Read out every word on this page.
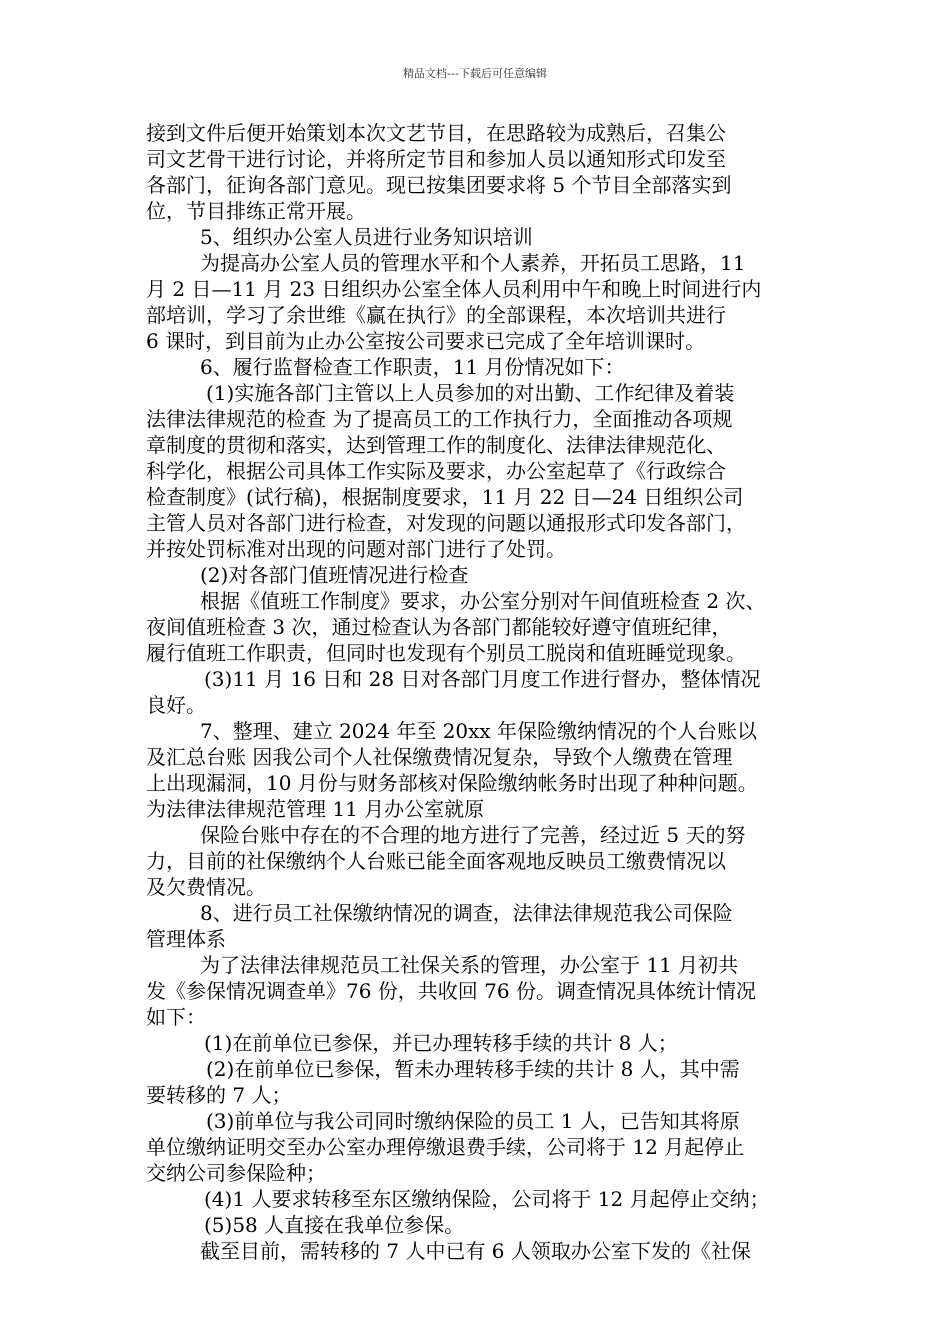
精品文档---下载后可任意编辑
接到文件后便开始策划本次文艺节目，在思路较为成熟后，召集公
司文艺骨干进行讨论，并将所定节目和参加人员以通知形式印发至
各部门，征询各部门意见。现已按集团要求将 5 个节目全部落实到
位，节目排练正常开展。
5、组织办公室人员进行业务知识培训
为提高办公室人员的管理水平和个人素养，开拓员工思路，11
月 2 日—11 月 23 日组织办公室全体人员利用中午和晚上时间进行内
部培训，学习了余世维《赢在执行》的全部课程，本次培训共进行
6 课时，到目前为止办公室按公司要求已完成了全年培训课时。
6、履行监督检查工作职责，11 月份情况如下：
(1)实施各部门主管以上人员参加的对出勤、工作纪律及着装
法律法律规范的检查 为了提高员工的工作执行力，全面推动各项规
章制度的贯彻和落实，达到管理工作的制度化、法律法律规范化、
科学化，根据公司具体工作实际及要求，办公室起草了《行政综合
检查制度》(试行稿)，根据制度要求，11 月 22 日—24 日组织公司
主管人员对各部门进行检查，对发现的问题以通报形式印发各部门，
并按处罚标准对出现的问题对部门进行了处罚。
(2)对各部门值班情况进行检查
根据《值班工作制度》要求，办公室分别对午间值班检查 2 次、
夜间值班检查 3 次，通过检查认为各部门都能较好遵守值班纪律，
履行值班工作职责，但同时也发现有个别员工脱岗和值班睡觉现象。
(3)11 月 16 日和 28 日对各部门月度工作进行督办，整体情况
良好。
7、整理、建立 2024 年至 20xx 年保险缴纳情况的个人台账以
及汇总台账 因我公司个人社保缴费情况复杂，导致个人缴费在管理
上出现漏洞，10 月份与财务部核对保险缴纳帐务时出现了种种问题。
为法律法律规范管理 11 月办公室就原
保险台账中存在的不合理的地方进行了完善，经过近 5 天的努
力，目前的社保缴纳个人台账已能全面客观地反映员工缴费情况以
及欠费情况。
8、进行员工社保缴纳情况的调查，法律法律规范我公司保险
管理体系
为了法律法律规范员工社保关系的管理，办公室于 11 月初共
发《参保情况调查单》76 份，共收回 76 份。调查情况具体统计情况
如下：
(1)在前单位已参保，并已办理转移手续的共计 8 人；
(2)在前单位已参保，暂未办理转移手续的共计 8 人，其中需
要转移的 7 人；
(3)前单位与我公司同时缴纳保险的员工 1 人，已告知其将原
单位缴纳证明交至办公室办理停缴退费手续，公司将于 12 月起停止
交纳公司参保险种；
(4)1 人要求转移至东区缴纳保险，公司将于 12 月起停止交纳；
(5)58 人直接在我单位参保。
截至目前，需转移的 7 人中已有 6 人领取办公室下发的《社保
